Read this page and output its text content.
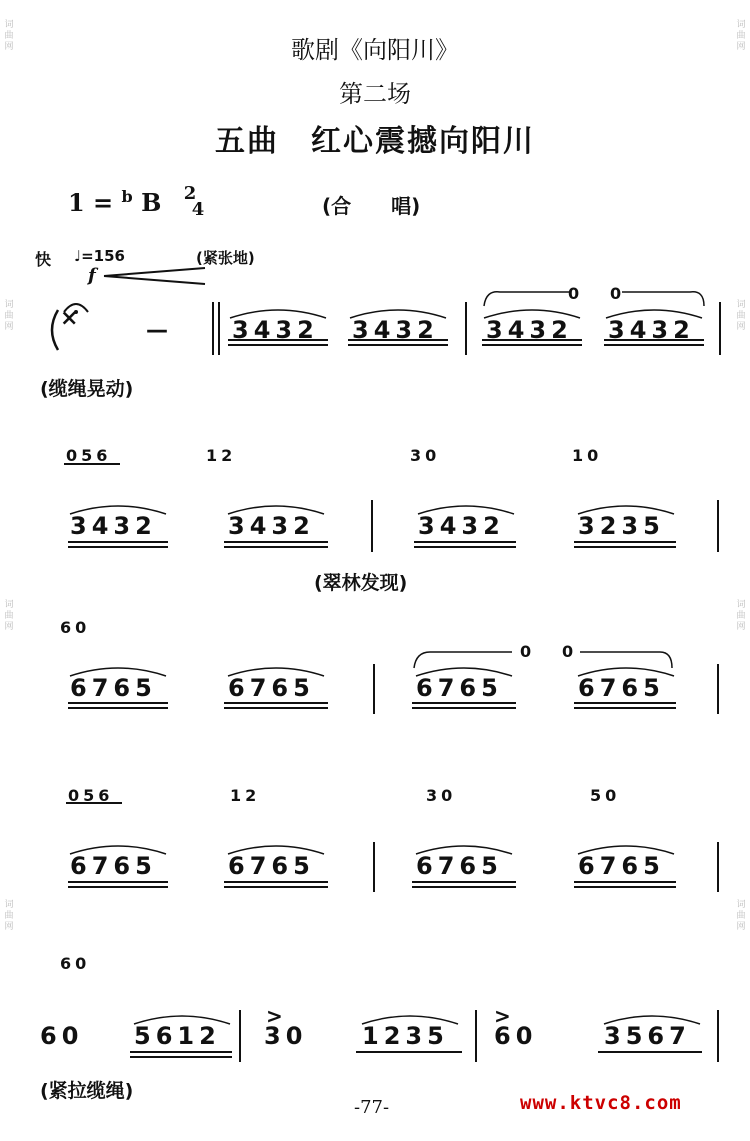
歌剧《向阳川》
第二场
五曲　红心震撼向阳川
1 = $^b$ B 2
4	(合　　唱)
快 ♩=156	(紧张地)
f
×	—	3432 3432 3432 3432
0 0
(缆绳晃动)
056	12	30	10
3432	3432	3432	3235
(翠林发现)
60
0 0
6765	6765	6765	6765
056	12	30	50
6765	6765	6765	6765
60
60 5612
>
30 1235
>
60	3567
(紧拉缆绳)
-77-	www.ktvc8.com
词曲网
词曲网
词曲网
词曲网
词曲网
词曲网
词曲网
词曲网
